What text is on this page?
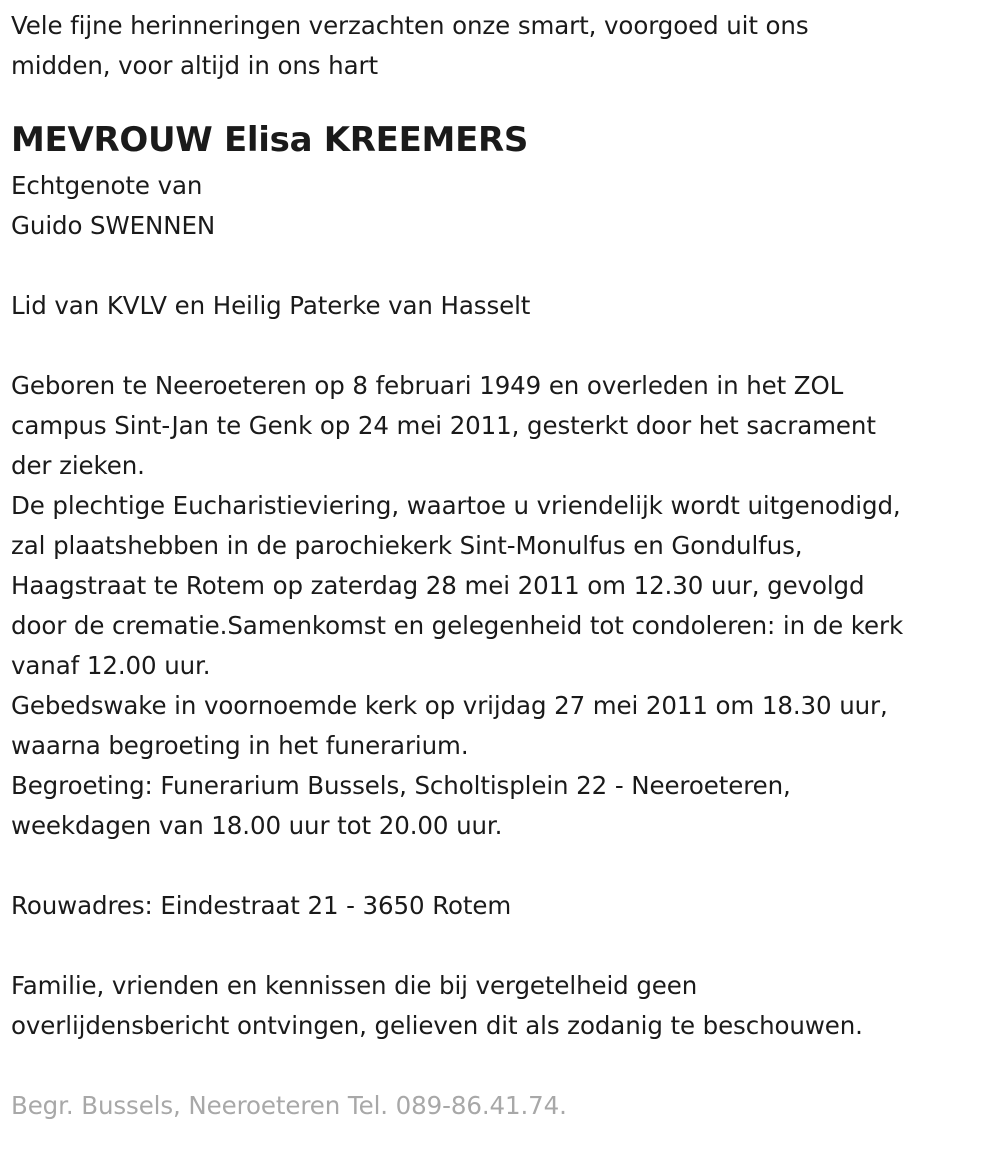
Vele fijne herinneringen verzachten onze smart, voorgoed uit ons
midden, voor altijd in ons hart
MEVROUW Elisa KREEMERS
Echtgenote van
Guido SWENNEN
Lid van KVLV en Heilig Paterke van Hasselt
Geboren te Neeroeteren op 8 februari 1949 en overleden in het ZOL
campus Sint-Jan te Genk op 24 mei 2011, gesterkt door het sacrament
der zieken.
De plechtige Eucharistieviering, waartoe u vriendelijk wordt uitgenodigd,
zal plaatshebben in de parochiekerk Sint-Monulfus en Gondulfus,
Haagstraat te Rotem op zaterdag 28 mei 2011 om 12.30 uur, gevolgd
door de crematie.Samenkomst en gelegenheid tot condoleren: in de kerk
vanaf 12.00 uur.
Gebedswake in voornoemde kerk op vrijdag 27 mei 2011 om 18.30 uur,
waarna begroeting in het funerarium.
Begroeting: Funerarium Bussels, Scholtisplein 22 - Neeroeteren,
weekdagen van 18.00 uur tot 20.00 uur.
Rouwadres: Eindestraat 21 - 3650 Rotem
Familie, vrienden en kennissen die bij vergetelheid geen
overlijdensbericht ontvingen, gelieven dit als zodanig te beschouwen.
Begr. Bussels, Neeroeteren Tel. 089-86.41.74.
